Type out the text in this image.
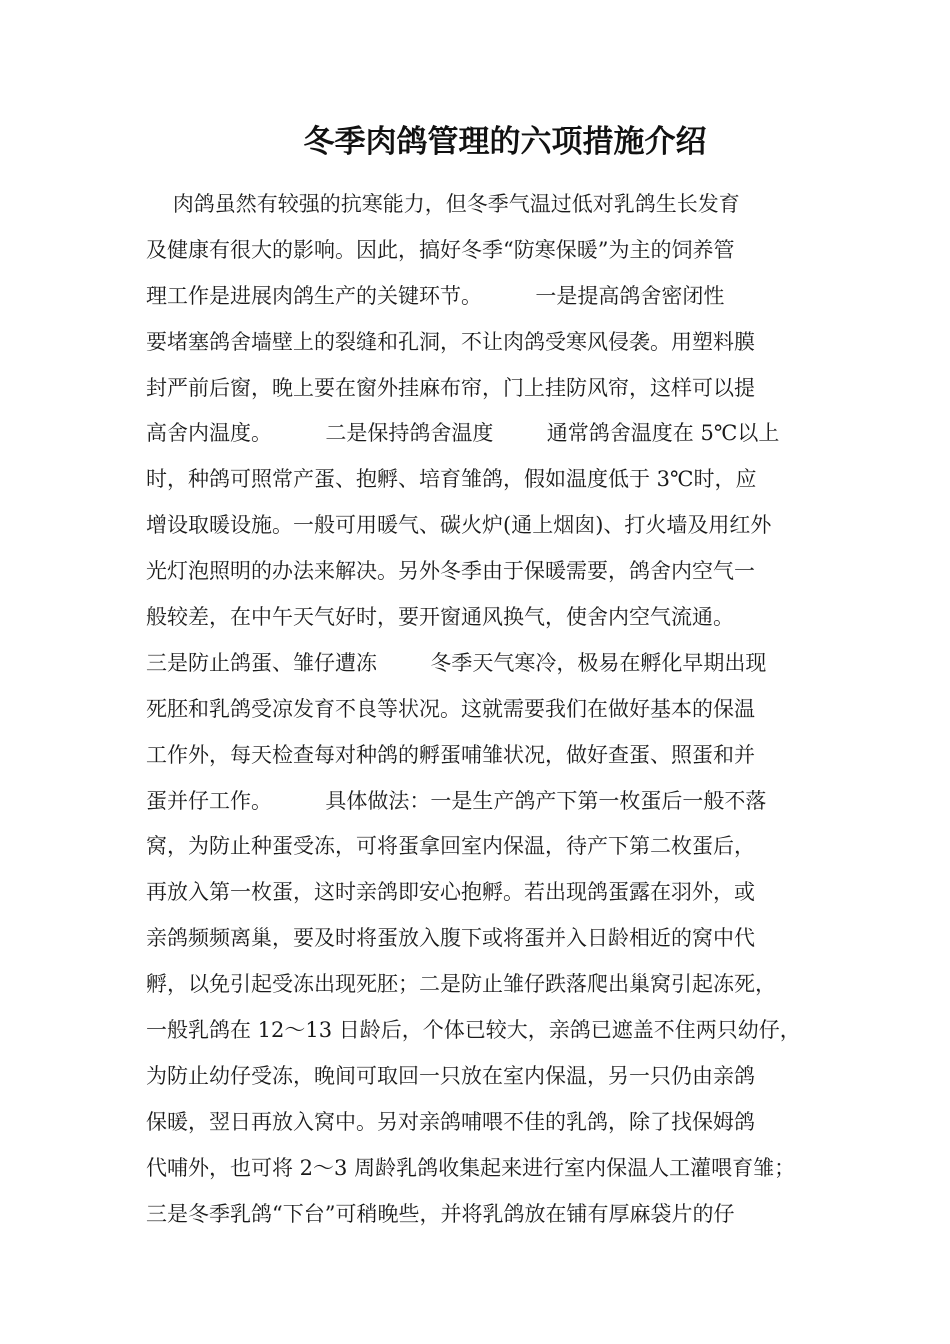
冬季肉鸽管理的六项措施介绍
肉鸽虽然有较强的抗寒能力，但冬季气温过低对乳鸽生长发育
及健康有很大的影响。因此，搞好冬季“防寒保暖”为主的饲养管
理工作是进展肉鸽生产的关键环节。        一是提高鸽舍密闭性
要堵塞鸽舍墙壁上的裂缝和孔洞，不让肉鸽受寒风侵袭。用塑料膜
封严前后窗，晚上要在窗外挂麻布帘，门上挂防风帘，这样可以提
高舍内温度。        二是保持鸽舍温度        通常鸽舍温度在 5℃以上
时，种鸽可照常产蛋、抱孵、培育雏鸽，假如温度低于 3℃时，应
增设取暖设施。一般可用暖气、碳火炉(通上烟囱)、打火墙及用红外
光灯泡照明的办法来解决。另外冬季由于保暖需要，鸽舍内空气一
般较差，在中午天气好时，要开窗通风换气，使舍内空气流通。
三是防止鸽蛋、雏仔遭冻        冬季天气寒冷，极易在孵化早期出现
死胚和乳鸽受凉发育不良等状况。这就需要我们在做好基本的保温
工作外，每天检查每对种鸽的孵蛋哺雏状况，做好查蛋、照蛋和并
蛋并仔工作。        具体做法：一是生产鸽产下第一枚蛋后一般不落
窝，为防止种蛋受冻，可将蛋拿回室内保温，待产下第二枚蛋后，
再放入第一枚蛋，这时亲鸽即安心抱孵。若出现鸽蛋露在羽外，或
亲鸽频频离巢，要及时将蛋放入腹下或将蛋并入日龄相近的窝中代
孵，以免引起受冻出现死胚；二是防止雏仔跌落爬出巢窝引起冻死，
一般乳鸽在 12～13 日龄后，个体已较大，亲鸽已遮盖不住两只幼仔，
为防止幼仔受冻，晚间可取回一只放在室内保温，另一只仍由亲鸽
保暖，翌日再放入窝中。另对亲鸽哺喂不佳的乳鸽，除了找保姆鸽
代哺外，也可将 2～3 周龄乳鸽收集起来进行室内保温人工灌喂育雏；
三是冬季乳鸽“下台”可稍晚些，并将乳鸽放在铺有厚麻袋片的仔
